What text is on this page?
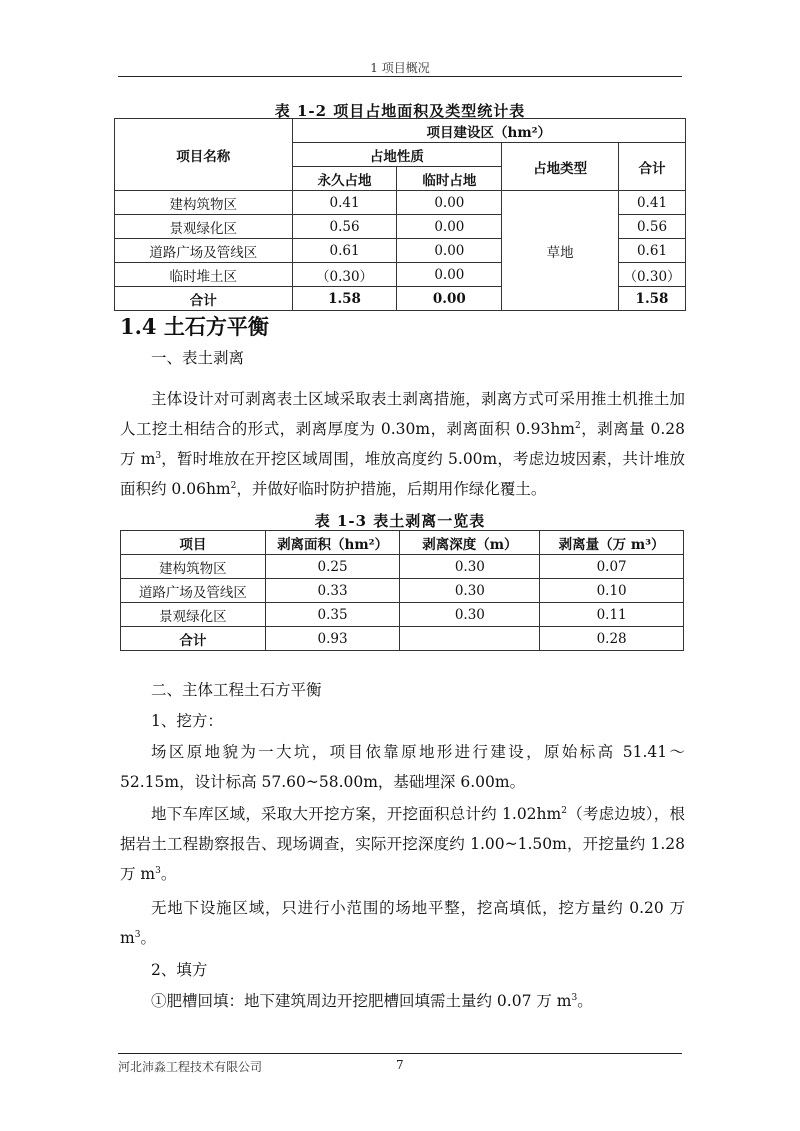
1 项目概况
表 1-2 项目占地面积及类型统计表
项目名称	项目建设区（hm²）			
	占地性质		占地类型	合计
	永久占地	临时占地		
建构筑物区	0.41	0.00	草地	0.41
景观绿化区	0.56	0.00		0.56
道路广场及管线区	0.61	0.00		0.61
临时堆土区	（0.30）	0.00		（0.30）
合计	1.58	0.00		1.58
1.4 土石方平衡

一、表土剥离

主体设计对可剥离表土区域采取表土剥离措施，剥离方式可采用推土机推土加人工挖土相结合的形式，剥离厚度为 0.30m，剥离面积 $0.93hm^2$，剥离量 0.28 万 $m^3$，暂时堆放在开挖区域周围，堆放高度约 5.00m，考虑边坡因素，共计堆放面积约 $0.06hm^2$，并做好临时防护措施，后期用作绿化覆土。

表 1-3 表土剥离一览表
项目	剥离面积（hm²）	剥离深度（m）	剥离量（万 m³）
建构筑物区	0.25	0.30	0.07
道路广场及管线区	0.33	0.30	0.10
景观绿化区	0.35	0.30	0.11
合计	0.93		0.28

二、主体工程土石方平衡

1、挖方：

场区原地貌为一大坑，项目依靠原地形进行建设，原始标高 51.41～52.15m，设计标高 57.60~58.00m，基础埋深 6.00m。

地下车库区域，采取大开挖方案，开挖面积总计约 $1.02hm^2$（考虑边坡），根据岩土工程勘察报告、现场调查，实际开挖深度约 1.00~1.50m，开挖量约 1.28 万 $m^3$。

无地下设施区域，只进行小范围的场地平整，挖高填低，挖方量约 0.20 万 $m^3$。

2、填方

①肥槽回填：地下建筑周边开挖肥槽回填需土量约 0.07 万 $m^3$。

河北沛淼工程技术有限公司	7
